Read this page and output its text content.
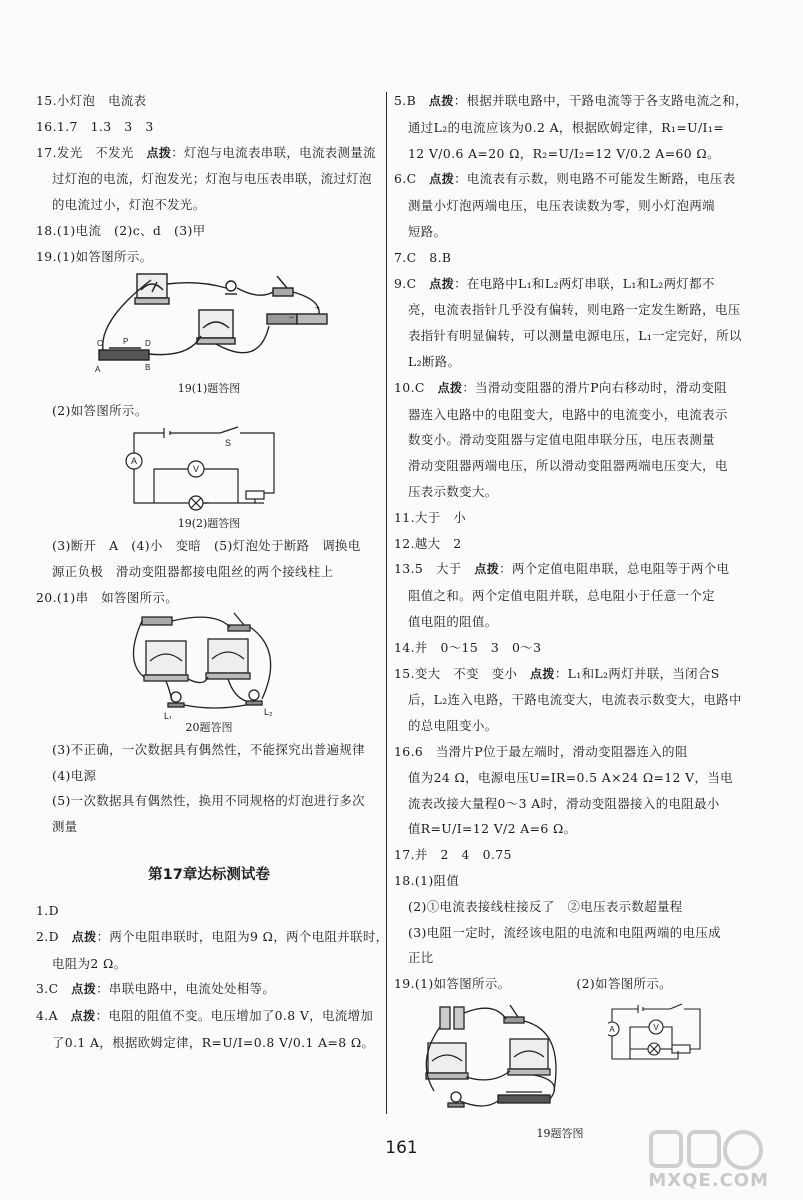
15.小灯泡　电流表
16.1.7　1.3　3　3
17.发光　不发光　点拨：灯泡与电流表串联，电流表测量流
过灯泡的电流，灯泡发光；灯泡与电压表串联，流过灯泡
的电流过小，灯泡不发光。
18.(1)电流　(2)c、d　(3)甲
19.(1)如答图所示。
C	P D
A	B
−
+
19(1)题答图
(2)如答图所示。
A
V
S
19(2)题答图
(3)断开　A　(4)小　变暗　(5)灯泡处于断路　调换电
源正负极　滑动变阻器都接电阻丝的两个接线柱上
20.(1)串　如答图所示。
L₁	L₂
20题答图
(3)不正确，一次数据具有偶然性，不能探究出普遍规律
(4)电源
(5)一次数据具有偶然性，换用不同规格的灯泡进行多次
测量
第17章达标测试卷
1.D
2.D　点拨：两个电阻串联时，电阻为9 Ω，两个电阻并联时，
电阻为2 Ω。
3.C　点拨：串联电路中，电流处处相等。
4.A　点拨：电阻的阻值不变。电压增加了0.8 V，电流增加
了0.1 A，根据欧姆定律，R=U/I=0.8 V/0.1 A=8 Ω。
5.B　点拨：根据并联电路中，干路电流等于各支路电流之和，
通过L₂的电流应该为0.2 A，根据欧姆定律，R₁=U/I₁=
12 V/0.6 A=20 Ω，R₂=U/I₂=12 V/0.2 A=60 Ω。
6.C　点拨：电流表有示数，则电路不可能发生断路，电压表
测量小灯泡两端电压，电压表读数为零，则小灯泡两端
短路。
7.C　8.B
9.C　点拨：在电路中L₁和L₂两灯串联，L₁和L₂两灯都不
亮，电流表指针几乎没有偏转，则电路一定发生断路，电压
表指针有明显偏转，可以测量电源电压，L₁一定完好，所以
L₂断路。
10.C　点拨：当滑动变阻器的滑片P向右移动时，滑动变阻
器连入电路中的电阻变大，电路中的电流变小，电流表示
数变小。滑动变阻器与定值电阻串联分压，电压表测量
滑动变阻器两端电压，所以滑动变阻器两端电压变大，电
压表示数变大。
11.大于　小
12.越大　2
13.5　大于　点拨：两个定值电阻串联，总电阻等于两个电
阻值之和。两个定值电阻并联，总电阻小于任意一个定
值电阻的阻值。
14.并　0～15　3　0～3
15.变大　不变　变小　点拨：L₁和L₂两灯并联，当闭合S
后，L₂连入电路，干路电流变大，电流表示数变大，电路中
的总电阻变小。
16.6　当滑片P位于最左端时，滑动变阻器连入的阻
值为24 Ω，电源电压U=IR=0.5 A×24 Ω=12 V，当电
流表改接大量程0～3 A时，滑动变阻器接入的电阻最小
值R=U/I=12 V/2 A=6 Ω。
17.并　2　4　0.75
18.(1)阻值
(2)①电流表接线柱接反了　②电压表示数超量程
(3)电阻一定时，流经该电阻的电流和电阻两端的电压成
正比
19.(1)如答图所示。	(2)如答图所示。
A	V
19题答图
161
MXQE.COM
